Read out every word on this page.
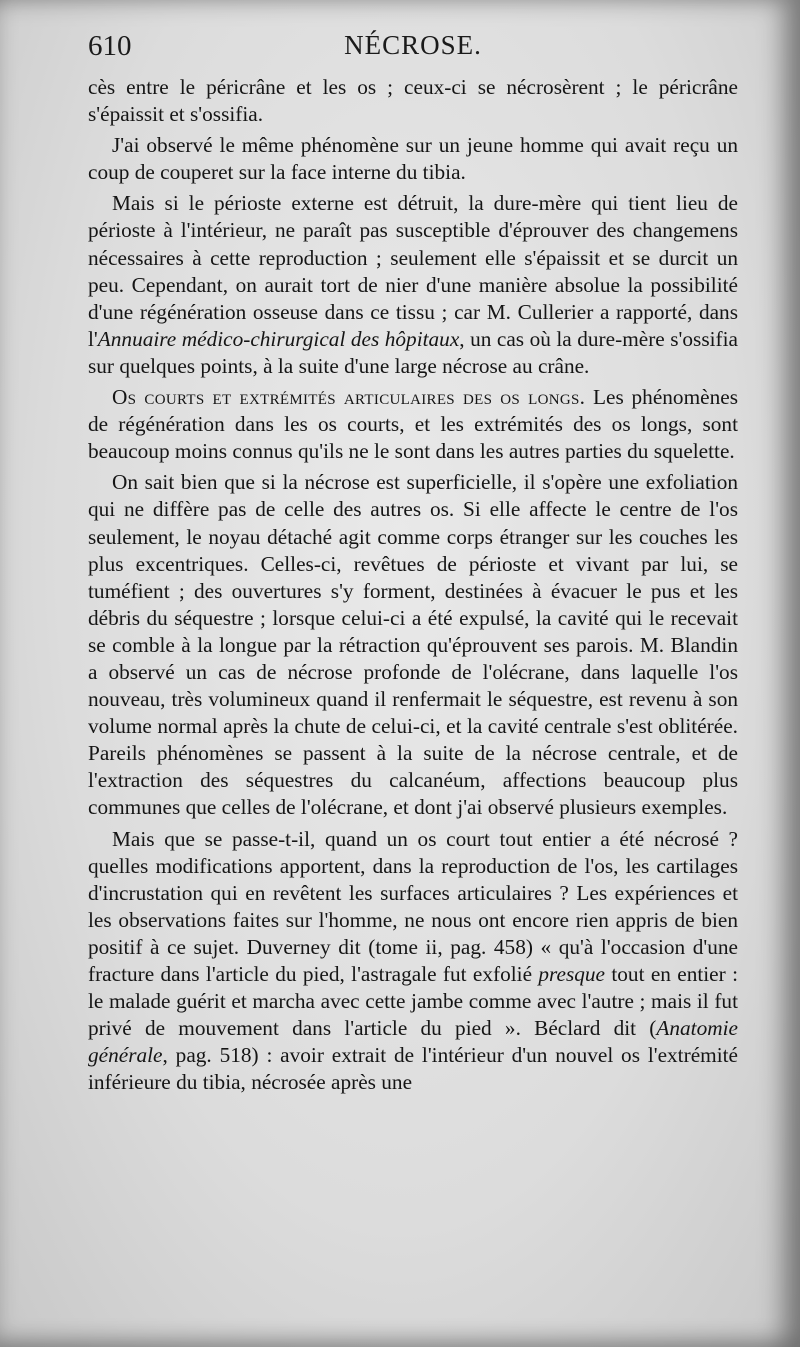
610	NÉCROSE.

cès entre le péricrâne et les os ; ceux-ci se nécrosèrent ; le péricrâne s'épaissit et s'ossifia.

J'ai observé le même phénomène sur un jeune homme qui avait reçu un coup de couperet sur la face interne du tibia.

Mais si le périoste externe est détruit, la dure-mère qui tient lieu de périoste à l'intérieur, ne paraît pas susceptible d'éprouver des changemens nécessaires à cette reproduction ; seulement elle s'épaissit et se durcit un peu. Cependant, on aurait tort de nier d'une manière absolue la possibilité d'une régénération osseuse dans ce tissu ; car M. Cullerier a rapporté, dans l'Annuaire médico-chirurgical des hôpitaux, un cas où la dure-mère s'ossifia sur quelques points, à la suite d'une large nécrose au crâne.

Os courts et extrémités articulaires des os longs. Les phénomènes de régénération dans les os courts, et les extrémités des os longs, sont beaucoup moins connus qu'ils ne le sont dans les autres parties du squelette.

On sait bien que si la nécrose est superficielle, il s'opère une exfoliation qui ne diffère pas de celle des autres os. Si elle affecte le centre de l'os seulement, le noyau détaché agit comme corps étranger sur les couches les plus excentriques. Celles-ci, revêtues de périoste et vivant par lui, se tuméfient ; des ouvertures s'y forment, destinées à évacuer le pus et les débris du séquestre ; lorsque celui-ci a été expulsé, la cavité qui le recevait se comble à la longue par la rétraction qu'éprouvent ses parois. M. Blandin a observé un cas de nécrose profonde de l'olécrane, dans laquelle l'os nouveau, très volumineux quand il renfermait le séquestre, est revenu à son volume normal après la chute de celui-ci, et la cavité centrale s'est oblitérée. Pareils phénomènes se passent à la suite de la nécrose centrale, et de l'extraction des séquestres du calcanéum, affections beaucoup plus communes que celles de l'olécrane, et dont j'ai observé plusieurs exemples.

Mais que se passe-t-il, quand un os court tout entier a été nécrosé ? quelles modifications apportent, dans la reproduction de l'os, les cartilages d'incrustation qui en revêtent les surfaces articulaires ? Les expériences et les observations faites sur l'homme, ne nous ont encore rien appris de bien positif à ce sujet. Duverney dit (tome ii, pag. 458) « qu'à l'occasion d'une fracture dans l'article du pied, l'astragale fut exfolié presque tout en entier : le malade guérit et marcha avec cette jambe comme avec l'autre ; mais il fut privé de mouvement dans l'article du pied ». Béclard dit (Anatomie générale, pag. 518) : avoir extrait de l'intérieur d'un nouvel os l'extrémité inférieure du tibia, nécrosée après une
